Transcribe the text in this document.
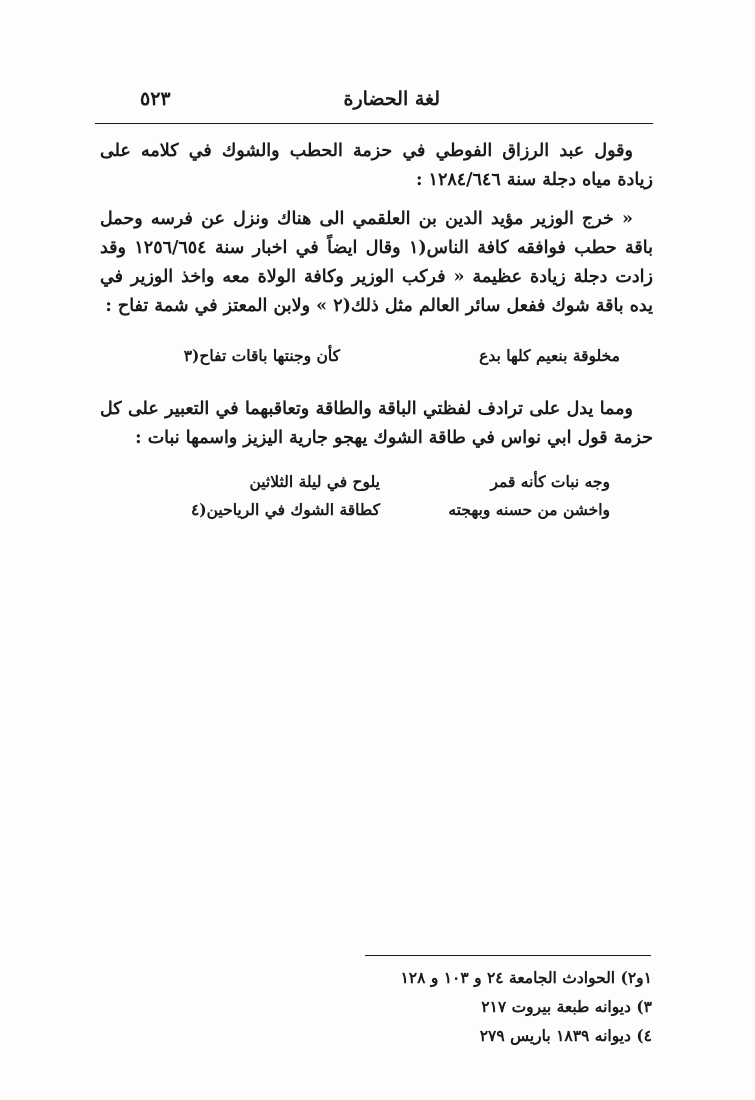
لغة الحضارة
٥٢٣
وقول عبد الرزاق الفوطي في حزمة الحطب والشوك في كلامه على زيادة مياه دجلة سنة ١٢٨٤/٦٤٦ :
« خرج الوزير مؤيد الدين بن العلقمي الى هناك ونزل عن فرسه وحمل باقة حطب فوافقه كافة الناس(١ وقال ايضاً في اخبار سنة ١٢٥٦/٦٥٤ وقد زادت دجلة زيادة عظيمة « فركب الوزير وكافة الولاة معه واخذ الوزير في يده باقة شوك ففعل سائر العالم مثل ذلك(٢ » ولابن المعتز في شمة تفاح :
مخلوقة بنعيم كلها بدع
كأن وجنتها باقات تفاح(٣
ومما يدل على ترادف لفظتي الباقة والطاقة وتعاقبهما في التعبير على كل حزمة قول ابي نواس في طاقة الشوك يهجو جارية اليزيز واسمها نبات :
وجه نبات كأنه قمر
يلوح في ليلة الثلاثين
واخشن من حسنه وبهجته
كطاقة الشوك في الرياحين(٤
١و٢) الحوادث الجامعة ٢٤ و ١٠٣ و ١٢٨
٣) ديوانه طبعة بيروت ٢١٧
٤) ديوانه ١٨٣٩ باريس ٢٧٩
